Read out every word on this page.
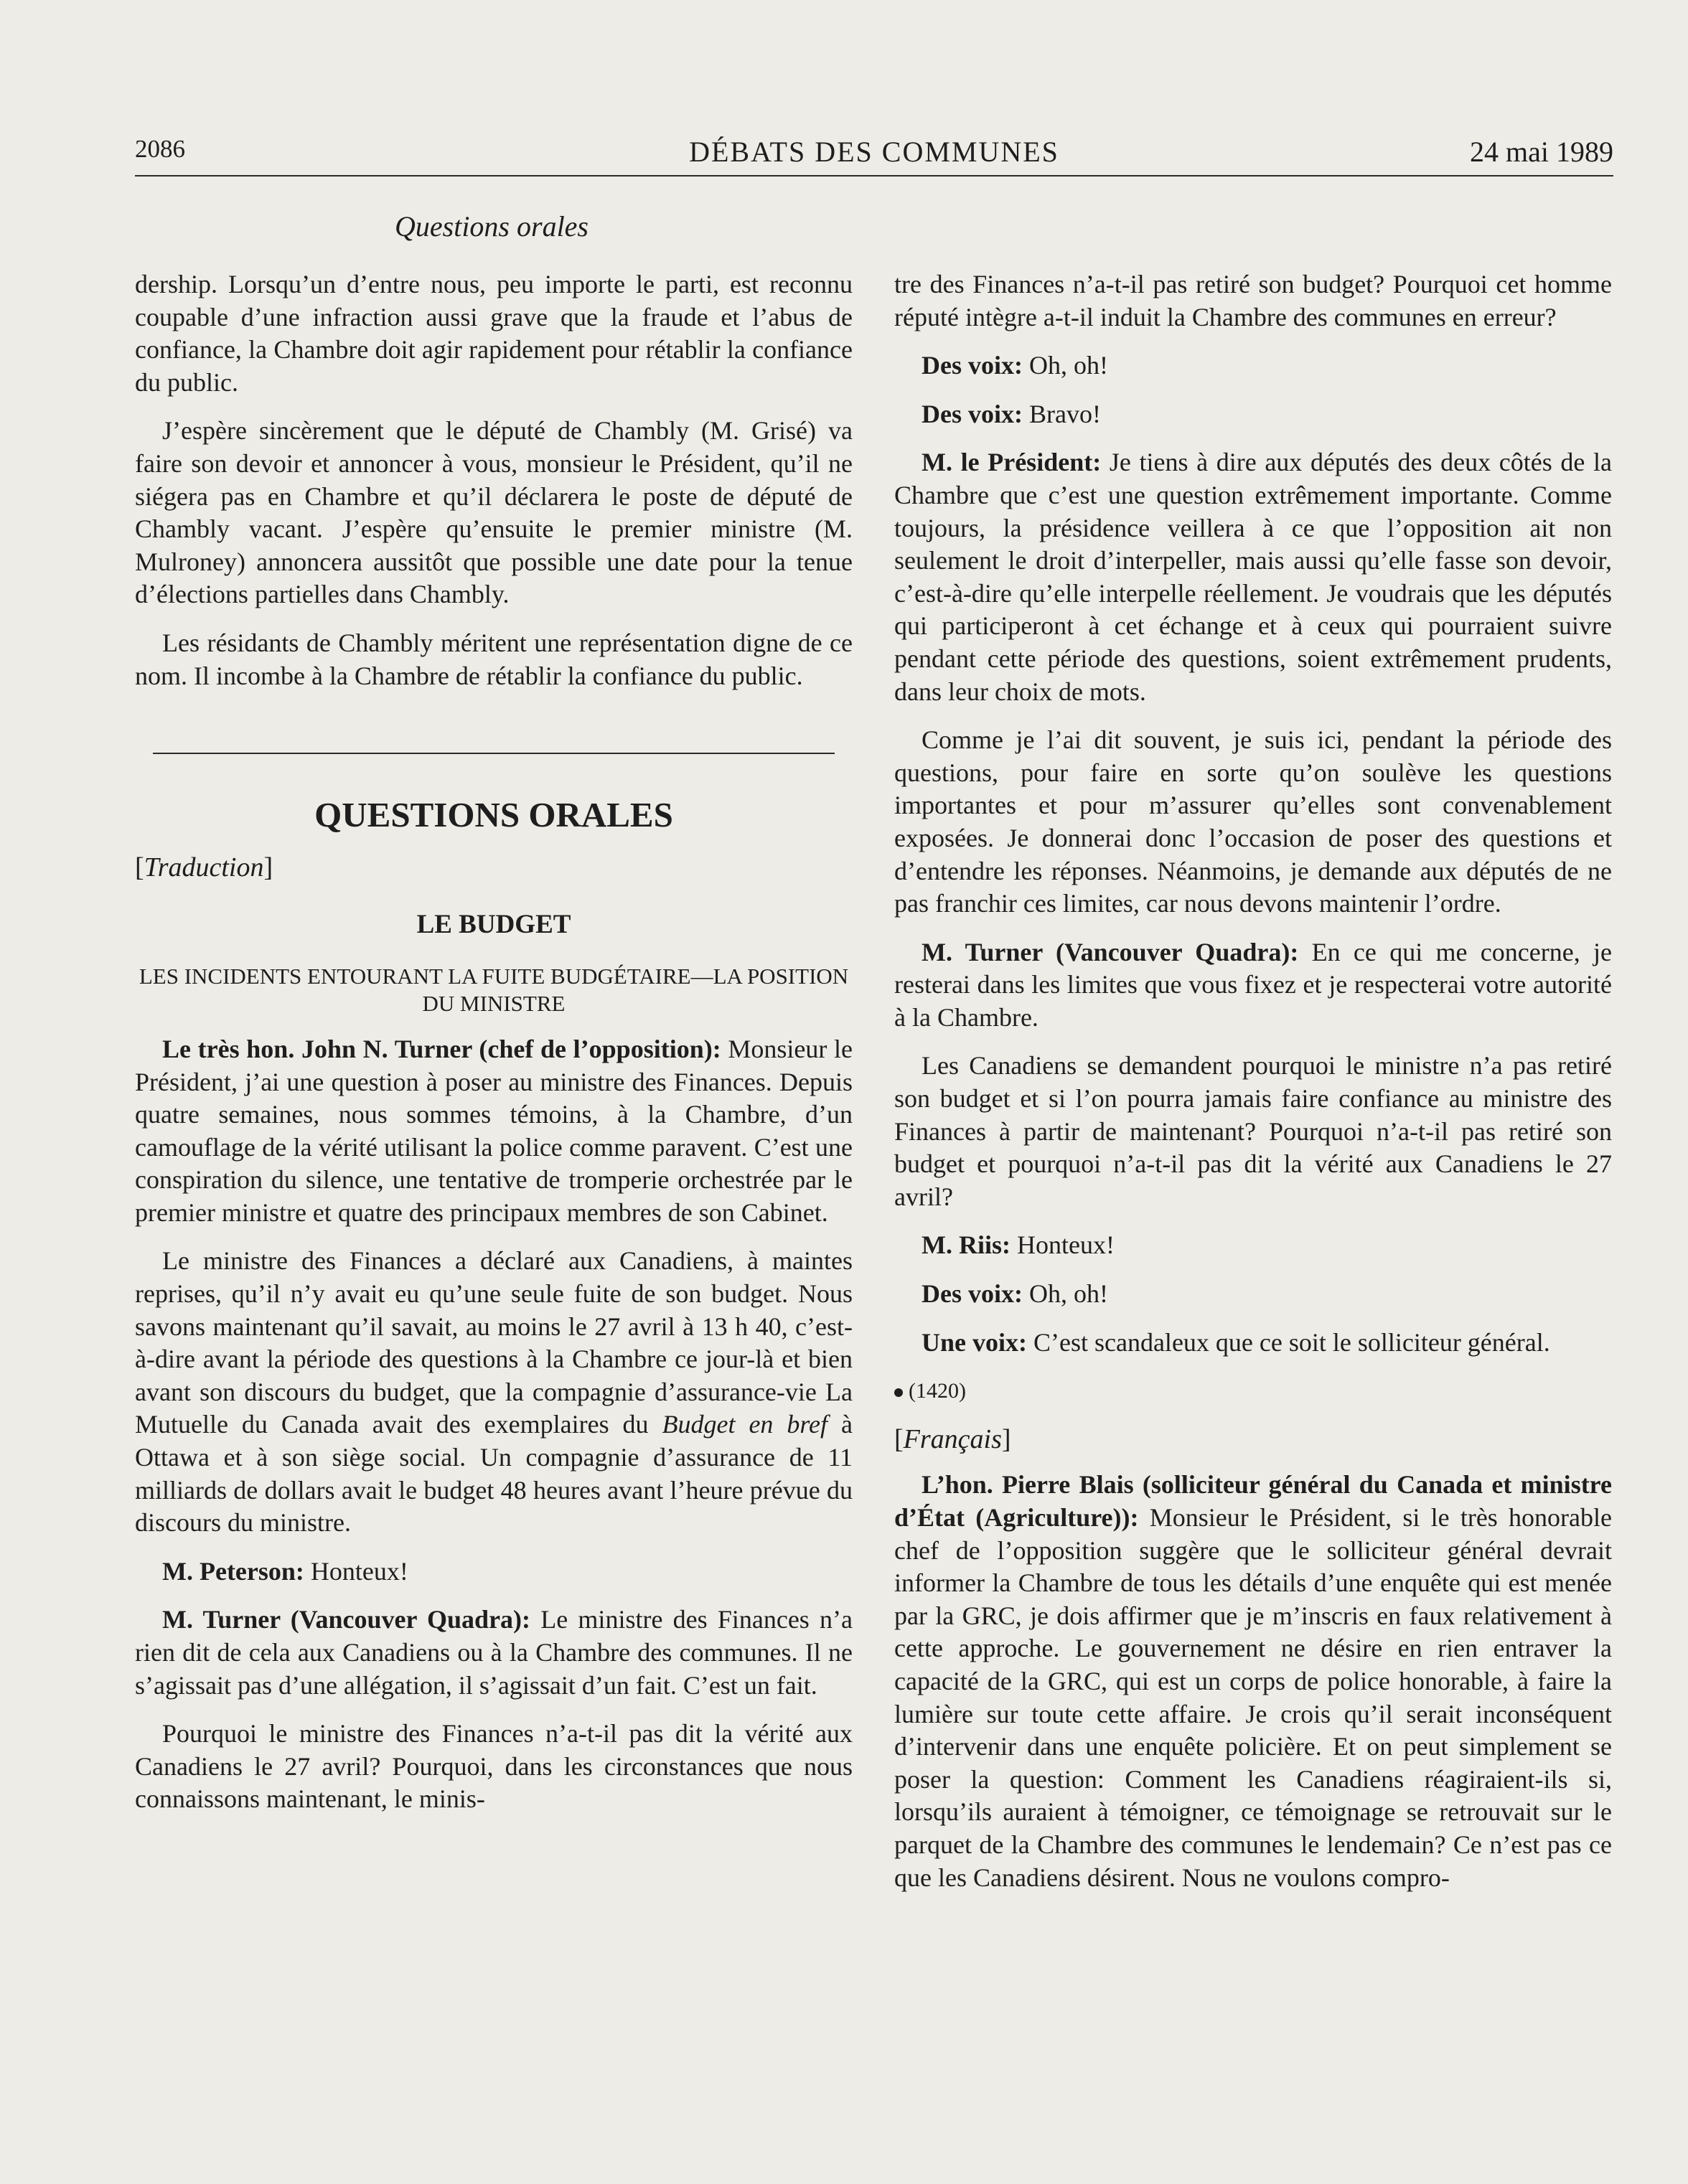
2086	DÉBATS DES COMMUNES	24 mai 1989
Questions orales

dership. Lorsqu’un d’entre nous, peu importe le parti, est reconnu coupable d’une infraction aussi grave que la fraude et l’abus de confiance, la Chambre doit agir rapidement pour rétablir la confiance du public.

J’espère sincèrement que le député de Chambly (M. Grisé) va faire son devoir et annoncer à vous, monsieur le Président, qu’il ne siégera pas en Chambre et qu’il déclarera le poste de député de Chambly vacant. J’espère qu’ensuite le premier ministre (M. Mulroney) annoncera aussitôt que possible une date pour la tenue d’élections partielles dans Chambly.

Les résidants de Chambly méritent une représentation digne de ce nom. Il incombe à la Chambre de rétablir la confiance du public.

QUESTIONS ORALES
[Traduction]
LE BUDGET
LES INCIDENTS ENTOURANT LA FUITE BUDGÉTAIRE—LA POSITION DU MINISTRE

Le très hon. John N. Turner (chef de l’opposition): Monsieur le Président, j’ai une question à poser au ministre des Finances. Depuis quatre semaines, nous sommes témoins, à la Chambre, d’un camouflage de la vérité utilisant la police comme paravent. C’est une conspiration du silence, une tentative de tromperie orchestrée par le premier ministre et quatre des principaux membres de son Cabinet.

Le ministre des Finances a déclaré aux Canadiens, à maintes reprises, qu’il n’y avait eu qu’une seule fuite de son budget. Nous savons maintenant qu’il savait, au moins le 27 avril à 13 h 40, c’est-à-dire avant la période des questions à la Chambre ce jour-là et bien avant son discours du budget, que la compagnie d’assurance-vie La Mutuelle du Canada avait des exemplaires du Budget en bref à Ottawa et à son siège social. Un compagnie d’assurance de 11 milliards de dollars avait le budget 48 heures avant l’heure prévue du discours du ministre.

M. Peterson: Honteux!

M. Turner (Vancouver Quadra): Le ministre des Finances n’a rien dit de cela aux Canadiens ou à la Chambre des communes. Il ne s’agissait pas d’une allégation, il s’agissait d’un fait. C’est un fait.

Pourquoi le ministre des Finances n’a-t-il pas dit la vérité aux Canadiens le 27 avril? Pourquoi, dans les circonstances que nous connaissons maintenant, le minis-

tre des Finances n’a-t-il pas retiré son budget? Pourquoi cet homme réputé intègre a-t-il induit la Chambre des communes en erreur?

Des voix: Oh, oh!

Des voix: Bravo!

M. le Président: Je tiens à dire aux députés des deux côtés de la Chambre que c’est une question extrêmement importante. Comme toujours, la présidence veillera à ce que l’opposition ait non seulement le droit d’interpeller, mais aussi qu’elle fasse son devoir, c’est-à-dire qu’elle interpelle réellement. Je voudrais que les députés qui participeront à cet échange et à ceux qui pourraient suivre pendant cette période des questions, soient extrêmement prudents, dans leur choix de mots.

Comme je l’ai dit souvent, je suis ici, pendant la période des questions, pour faire en sorte qu’on soulève les questions importantes et pour m’assurer qu’elles sont convenablement exposées. Je donnerai donc l’occasion de poser des questions et d’entendre les réponses. Néanmoins, je demande aux députés de ne pas franchir ces limites, car nous devons maintenir l’ordre.

M. Turner (Vancouver Quadra): En ce qui me concerne, je resterai dans les limites que vous fixez et je respecterai votre autorité à la Chambre.

Les Canadiens se demandent pourquoi le ministre n’a pas retiré son budget et si l’on pourra jamais faire confiance au ministre des Finances à partir de maintenant? Pourquoi n’a-t-il pas retiré son budget et pourquoi n’a-t-il pas dit la vérité aux Canadiens le 27 avril?

M. Riis: Honteux!

Des voix: Oh, oh!

Une voix: C’est scandaleux que ce soit le solliciteur général.

(1420)
[Français]

L’hon. Pierre Blais (solliciteur général du Canada et ministre d’État (Agriculture)): Monsieur le Président, si le très honorable chef de l’opposition suggère que le solliciteur général devrait informer la Chambre de tous les détails d’une enquête qui est menée par la GRC, je dois affirmer que je m’inscris en faux relativement à cette approche. Le gouvernement ne désire en rien entraver la capacité de la GRC, qui est un corps de police honorable, à faire la lumière sur toute cette affaire. Je crois qu’il serait inconséquent d’intervenir dans une enquête policière. Et on peut simplement se poser la question: Comment les Canadiens réagiraient-ils si, lorsqu’ils auraient à témoigner, ce témoignage se retrouvait sur le parquet de la Chambre des communes le lendemain? Ce n’est pas ce que les Canadiens désirent. Nous ne voulons compro-
